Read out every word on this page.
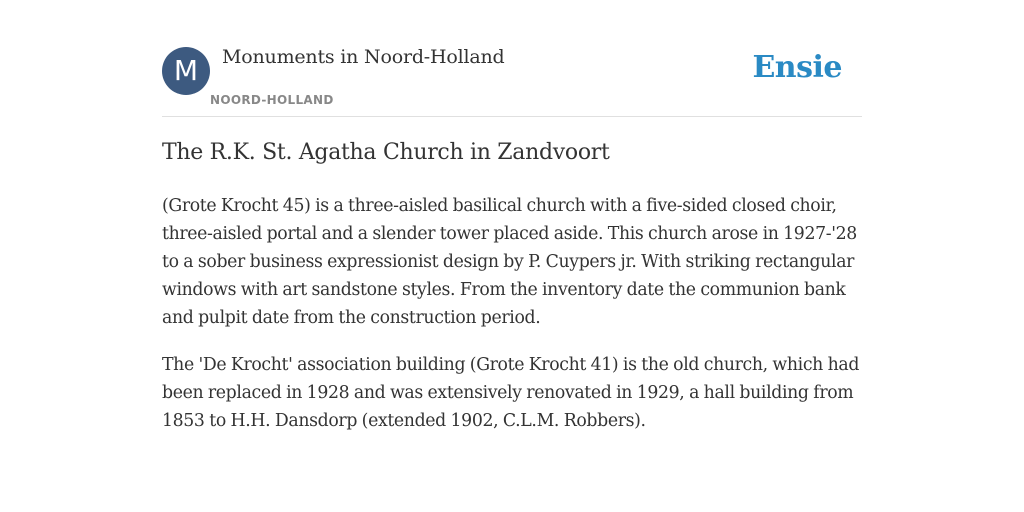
M	Monuments in Noord-Holland
NOORD-HOLLAND
Ensie
The R.K. St. Agatha Church in Zandvoort

(Grote Krocht 45) is a three-aisled basilical church with a five-sided closed choir, three-aisled portal and a slender tower placed aside. This church arose in 1927-'28 to a sober business expressionist design by P. Cuypers jr. With striking rectangular windows with art sandstone styles. From the inventory date the communion bank and pulpit date from the construction period.

The 'De Krocht' association building (Grote Krocht 41) is the old church, which had been replaced in 1928 and was extensively renovated in 1929, a hall building from 1853 to H.H. Dansdorp (extended 1902, C.L.M. Robbers).
